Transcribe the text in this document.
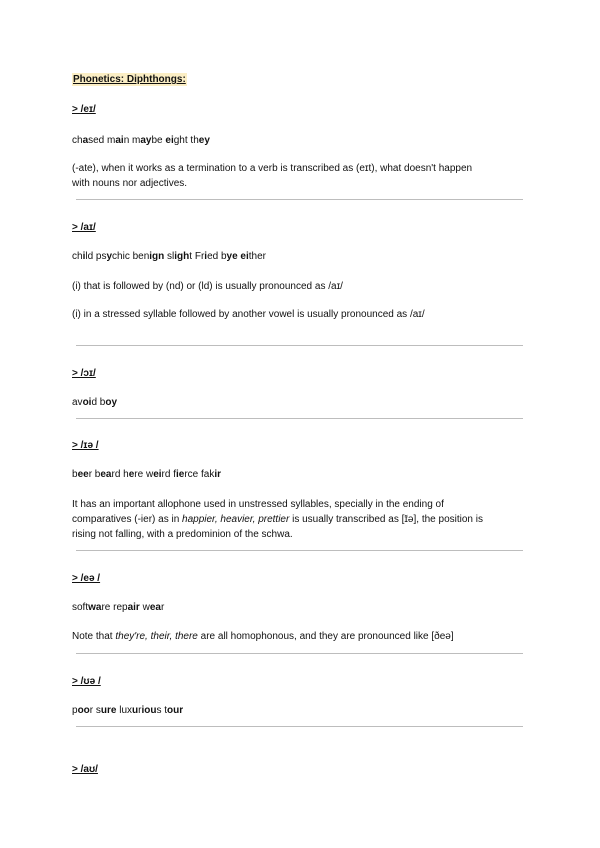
Phonetics: Diphthongs:
> /eɪ/
chased main maybe eight they
(-ate), when it works as a termination to a verb is transcribed as (eɪt), what doesn't happen
with nouns nor adjectives.
> /aɪ/
child psychic benign slight Fried bye either
(i) that is followed by (nd) or (ld) is usually pronounced as /aɪ/
(i) in a stressed syllable followed by another vowel is usually pronounced as /aɪ/
> /ɔɪ/
avoid boy
> /ɪə /
beer beard here weird fierce fakir
It has an important allophone used in unstressed syllables, specially in the ending of
comparatives (-ier) as in happier, heavier, prettier is usually transcribed as [ɪ̆ə], the position is
rising not falling, with a predominion of the schwa.
> /eə /
software repair wear
Note that they're, their, there are all homophonous, and they are pronounced like [ðeə]
> /ʊə /
poor sure luxurious tour
> /aʊ/
